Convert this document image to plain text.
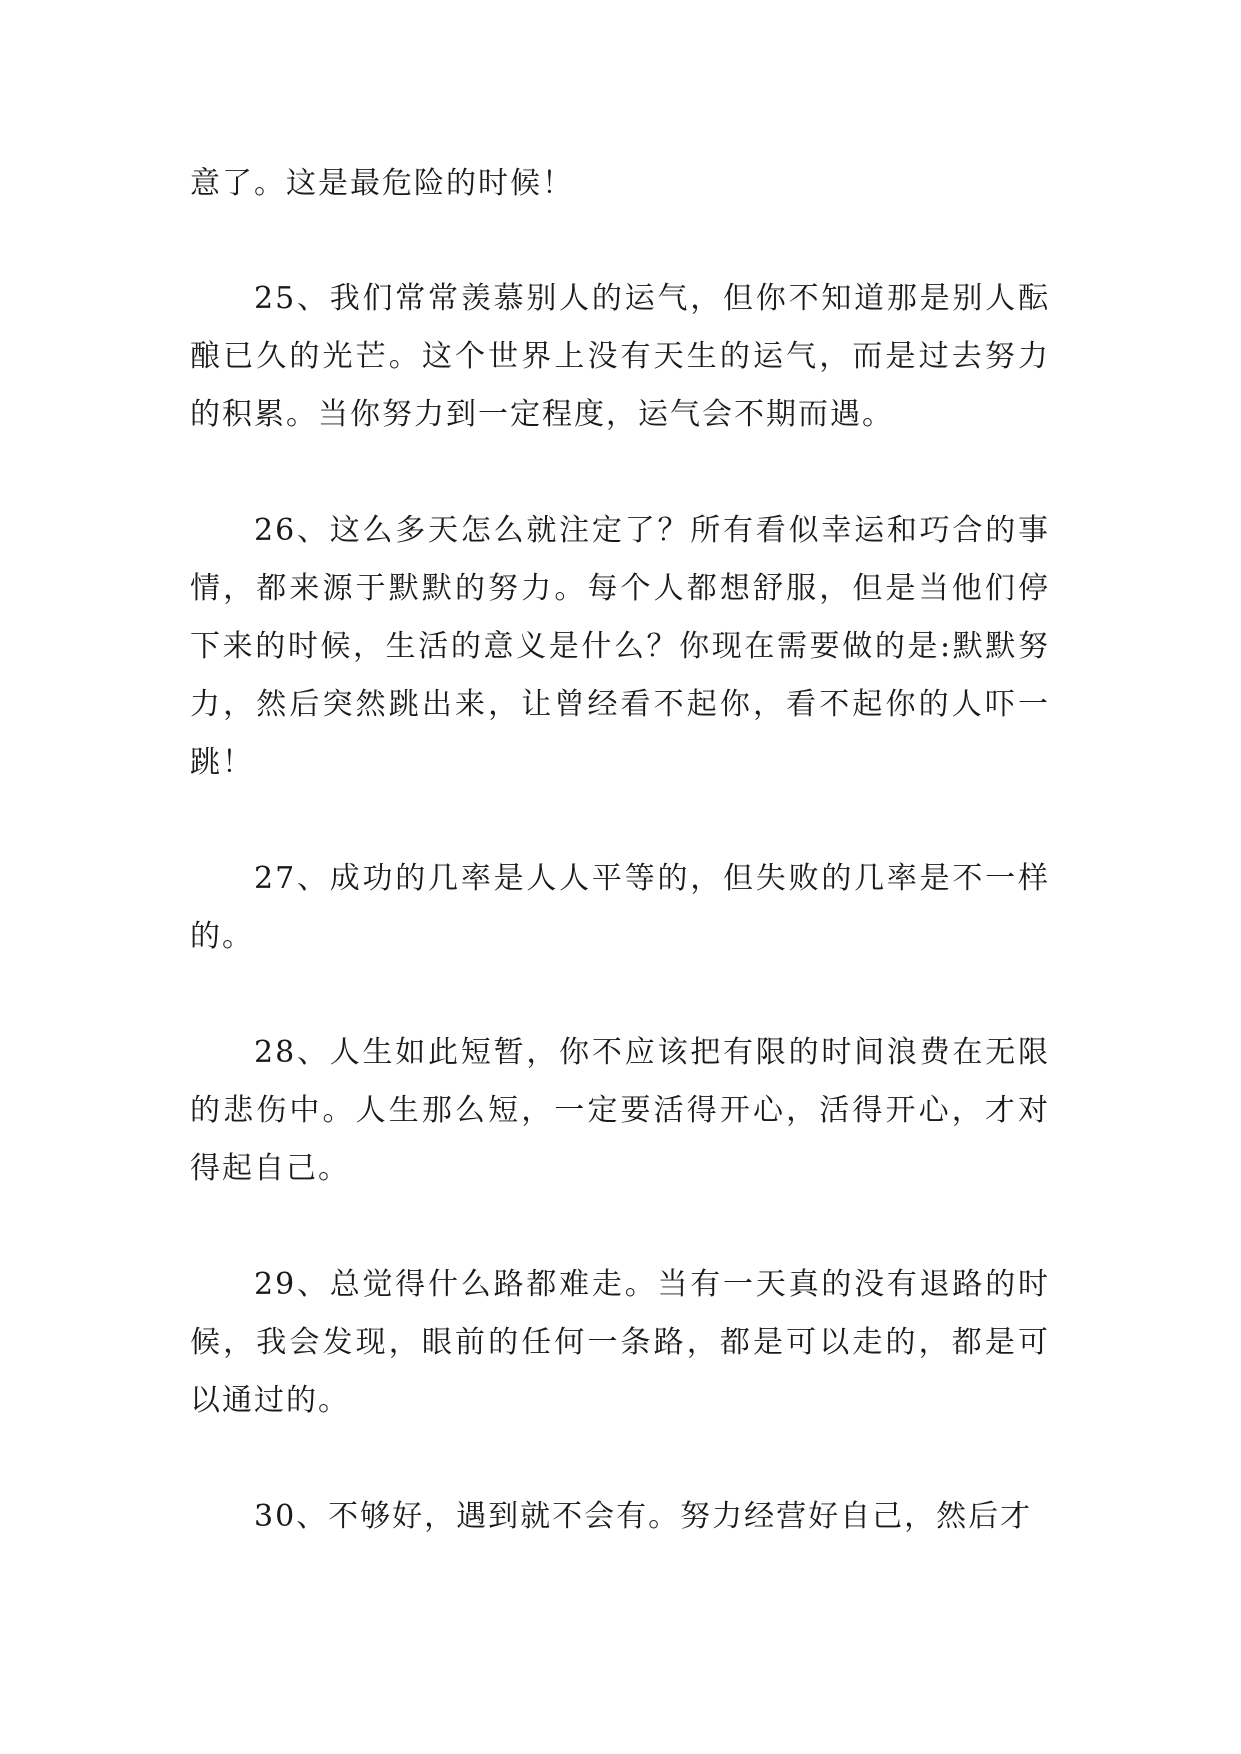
意了。这是最危险的时候！

25、我们常常羡慕别人的运气，但你不知道那是别人酝酿已久的光芒。这个世界上没有天生的运气，而是过去努力的积累。当你努力到一定程度，运气会不期而遇。

26、这么多天怎么就注定了？所有看似幸运和巧合的事情，都来源于默默的努力。每个人都想舒服，但是当他们停下来的时候，生活的意义是什么？你现在需要做的是:默默努力，然后突然跳出来，让曾经看不起你，看不起你的人吓一跳！

27、成功的几率是人人平等的，但失败的几率是不一样的。

28、人生如此短暂，你不应该把有限的时间浪费在无限的悲伤中。人生那么短，一定要活得开心，活得开心，才对得起自己。

29、总觉得什么路都难走。当有一天真的没有退路的时候，我会发现，眼前的任何一条路，都是可以走的，都是可以通过的。

30、不够好，遇到就不会有。努力经营好自己，然后才
